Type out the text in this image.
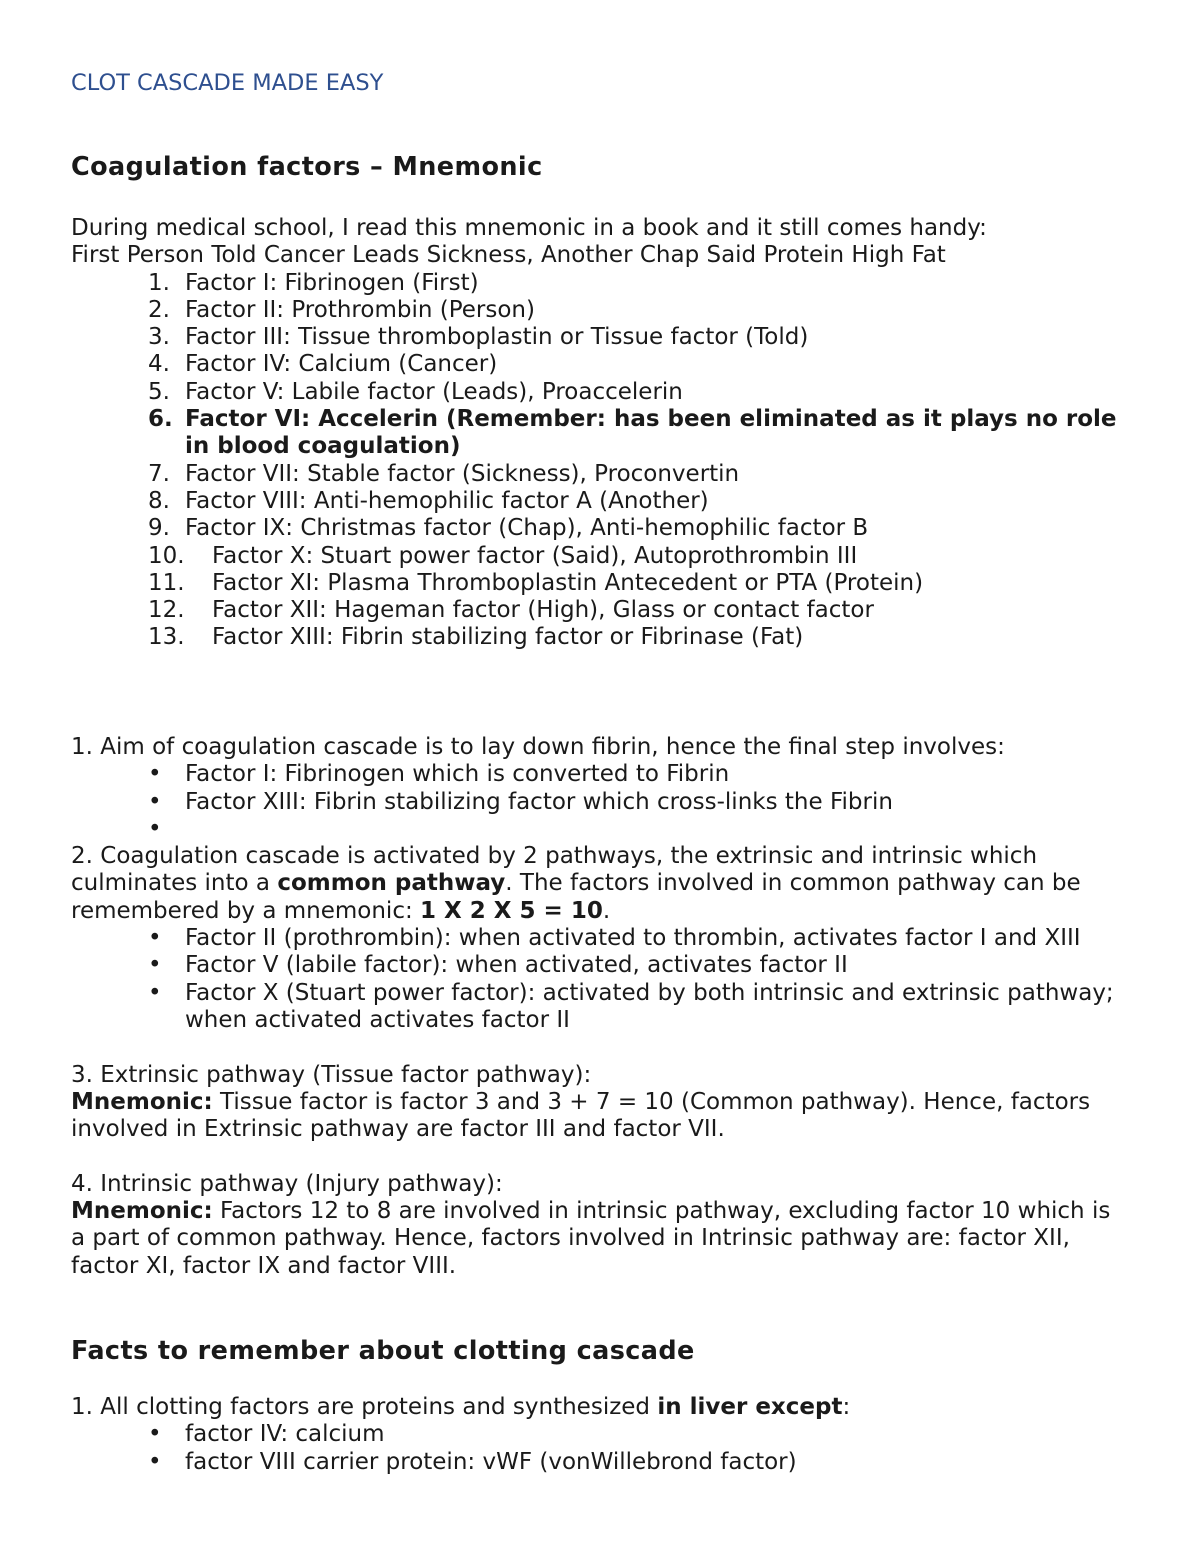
CLOT CASCADE MADE EASY
Coagulation factors – Mnemonic

During medical school, I read this mnemonic in a book and it still comes handy:

First Person Told Cancer Leads Sickness, Another Chap Said Protein High Fat

1. Factor I: Fibrinogen (First)
2. Factor II: Prothrombin (Person)
3. Factor III: Tissue thromboplastin or Tissue factor (Told)
4. Factor IV: Calcium (Cancer)
5. Factor V: Labile factor (Leads), Proaccelerin
6. Factor VI: Accelerin (Remember: has been eliminated as it plays no role in blood coagulation)
7. Factor VII: Stable factor (Sickness), Proconvertin
8. Factor VIII: Anti-hemophilic factor A (Another)
9. Factor IX: Christmas factor (Chap), Anti-hemophilic factor B
10. Factor X: Stuart power factor (Said), Autoprothrombin III
11. Factor XI: Plasma Thromboplastin Antecedent or PTA (Protein)
12. Factor XII: Hageman factor (High), Glass or contact factor
13. Factor XIII: Fibrin stabilizing factor or Fibrinase (Fat)

1. Aim of coagulation cascade is to lay down fibrin, hence the final step involves:

• Factor I: Fibrinogen which is converted to Fibrin
• Factor XIII: Fibrin stabilizing factor which cross-links the Fibrin
•

2. Coagulation cascade is activated by 2 pathways, the extrinsic and intrinsic which culminates into a common pathway. The factors involved in common pathway can be remembered by a mnemonic: 1 X 2 X 5 = 10.

• Factor II (prothrombin): when activated to thrombin, activates factor I and XIII
• Factor V (labile factor): when activated, activates factor II
• Factor X (Stuart power factor): activated by both intrinsic and extrinsic pathway; when activated activates factor II

3. Extrinsic pathway (Tissue factor pathway):

Mnemonic: Tissue factor is factor 3 and 3 + 7 = 10 (Common pathway). Hence, factors involved in Extrinsic pathway are factor III and factor VII.

4. Intrinsic pathway (Injury pathway):

Mnemonic: Factors 12 to 8 are involved in intrinsic pathway, excluding factor 10 which is a part of common pathway. Hence, factors involved in Intrinsic pathway are: factor XII, factor XI, factor IX and factor VIII.

Facts to remember about clotting cascade

1. All clotting factors are proteins and synthesized in liver except:

• factor IV: calcium
• factor VIII carrier protein: vWF (vonWillebrond factor)
